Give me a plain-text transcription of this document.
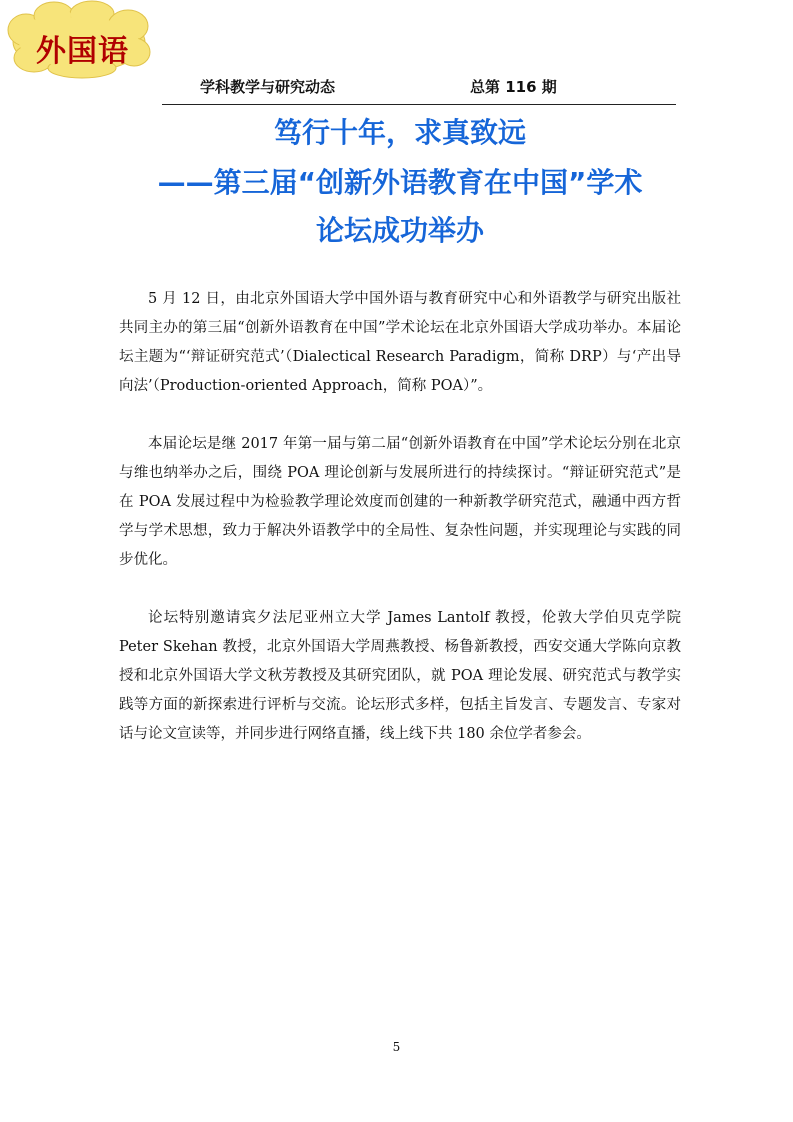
外国语
学科教学与研究动态	总第 116 期
笃行十年，求真致远
——第三届“创新外语教育在中国”学术
论坛成功举办

5 月 12 日，由北京外国语大学中国外语与教育研究中心和外语教学与研究出版社共同主办的第三届“创新外语教育在中国”学术论坛在北京外国语大学成功举办。本届论坛主题为“‘辩证研究范式’（Dialectical Research Paradigm，简称 DRP）与‘产出导向法’（Production-oriented Approach，简称 POA）”。

本届论坛是继 2017 年第一届与第二届“创新外语教育在中国”学术论坛分别在北京与维也纳举办之后，围绕 POA 理论创新与发展所进行的持续探讨。“辩证研究范式”是在 POA 发展过程中为检验教学理论效度而创建的一种新教学研究范式，融通中西方哲学与学术思想，致力于解决外语教学中的全局性、复杂性问题，并实现理论与实践的同步优化。

论坛特别邀请宾夕法尼亚州立大学 James Lantolf 教授，伦敦大学伯贝克学院 Peter Skehan 教授，北京外国语大学周燕教授、杨鲁新教授，西安交通大学陈向京教授和北京外国语大学文秋芳教授及其研究团队，就 POA 理论发展、研究范式与教学实践等方面的新探索进行评析与交流。论坛形式多样，包括主旨发言、专题发言、专家对话与论文宣读等，并同步进行网络直播，线上线下共 180 余位学者参会。

5
